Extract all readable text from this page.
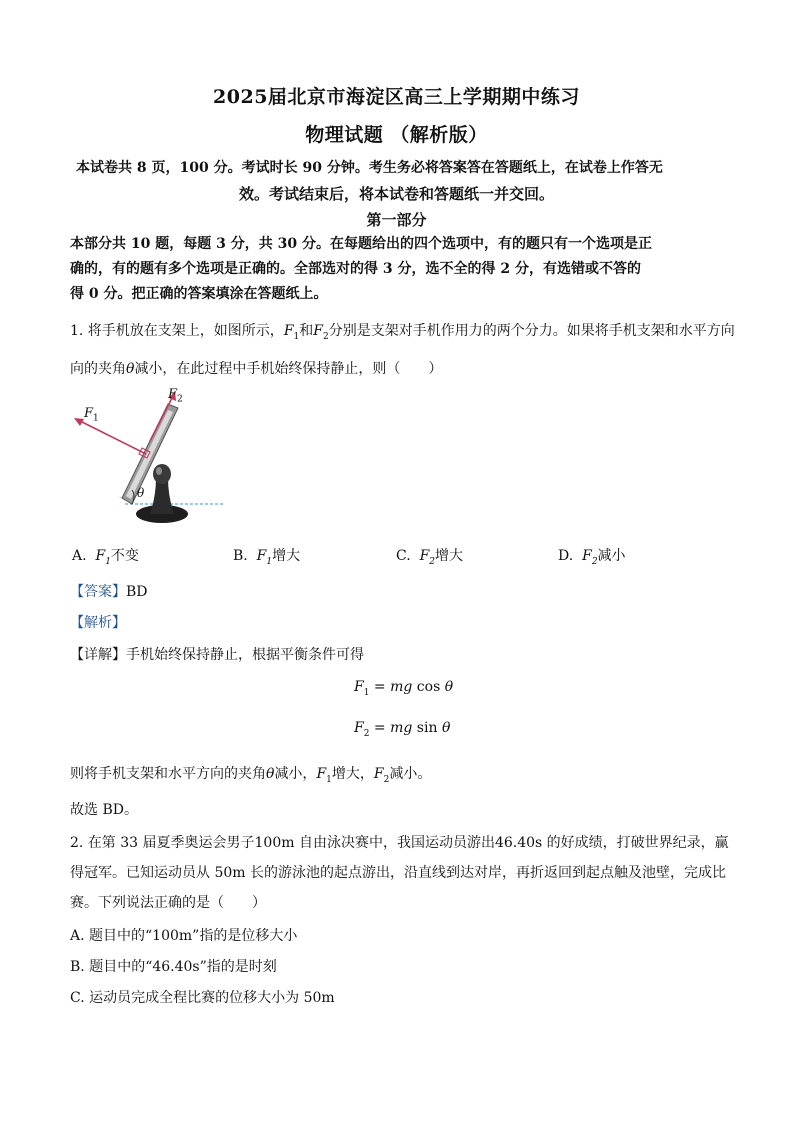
2025届北京市海淀区高三上学期期中练习
物理试题 （解析版）
本试卷共 8 页，100 分。考试时长 90 分钟。考生务必将答案答在答题纸上，在试卷上作答无
效。考试结束后，将本试卷和答题纸一并交回。
第一部分
本部分共 10 题，每题 3 分，共 30 分。在每题给出的四个选项中，有的题只有一个选项是正
确的，有的题有多个选项是正确的。全部选对的得 3 分，选不全的得 2 分，有选错或不答的
得 0 分。把正确的答案填涂在答题纸上。
1. 将手机放在支架上，如图所示，$F_1$和$F_2$分别是支架对手机作用力的两个分力。如果将手机支架和水平方向
向的夹角θ减小，在此过程中手机始终保持静止，则（　　）
$F_1$
$F_2$
θ
A. $F_1$不变	B. $F_1$增大	C. $F_2$增大	D. $F_2$减小
【答案】BD
【解析】
【详解】手机始终保持静止，根据平衡条件可得
$F_1$ = mg cos θ
$F_2$ = mg sin θ
则将手机支架和水平方向的夹角θ减小，$F_1$增大，$F_2$减小。
故选 BD。
2. 在第 33 届夏季奥运会男子100m 自由泳决赛中，我国运动员游出46.40s 的好成绩，打破世界纪录，赢
得冠军。已知运动员从 50m 长的游泳池的起点游出，沿直线到达对岸，再折返回到起点触及池壁，完成比
赛。下列说法正确的是（　　）
A. 题目中的“100m”指的是位移大小
B. 题目中的“46.40s”指的是时刻
C. 运动员完成全程比赛的位移大小为 50m
